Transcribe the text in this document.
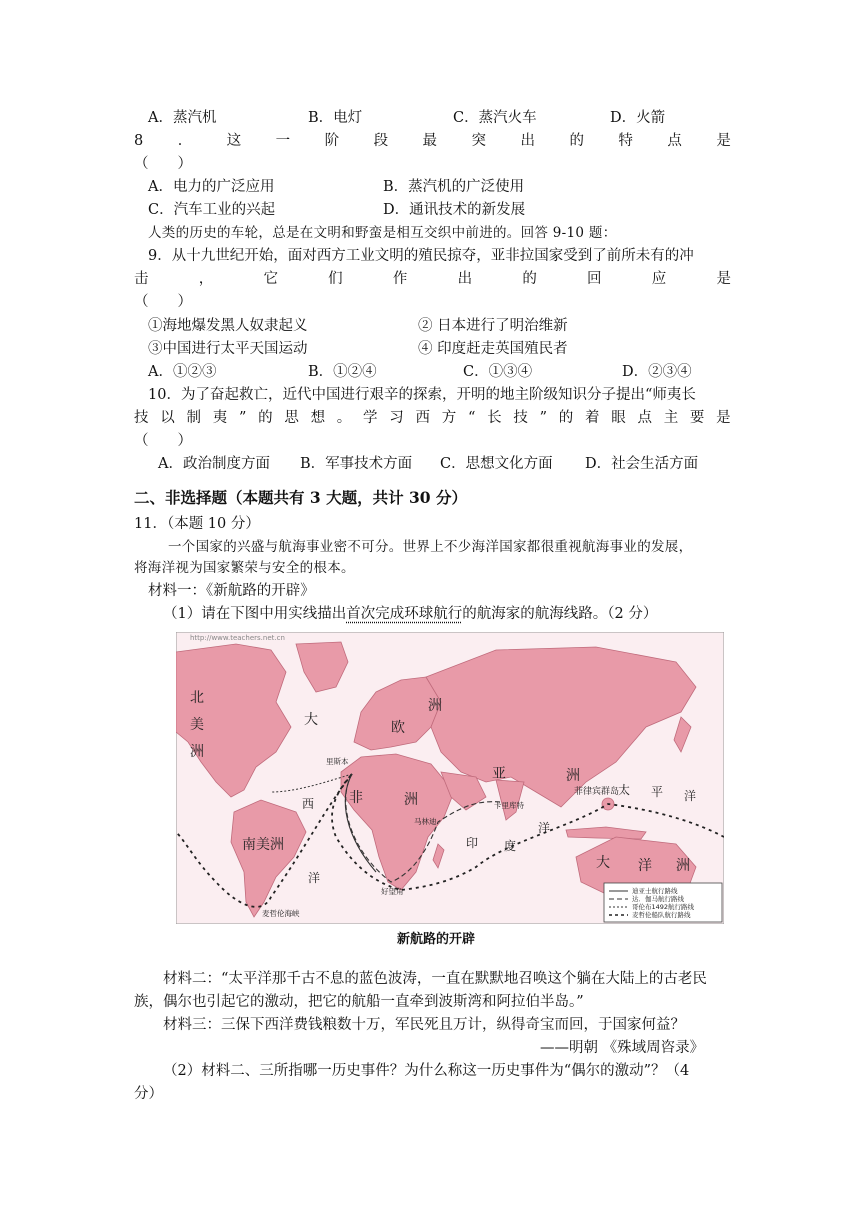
A．蒸汽机	B．电灯	C．蒸汽火车	D．火箭
8 ． 这 一 阶 段 最 突 出 的 特 点 是
（　　）
A．电力的广泛应用	B．蒸汽机的广泛使用
C．汽车工业的兴起	D．通讯技术的新发展
人类的历史的车轮，总是在文明和野蛮是相互交织中前进的。回答 9-10 题：
9．从十九世纪开始，面对西方工业文明的殖民掠夺，亚非拉国家受到了前所未有的冲
击	，	它	们	作	出	的	回	应	是
（　　）
①海地爆发黑人奴隶起义	② 日本进行了明治维新
③中国进行太平天国运动	④ 印度赶走英国殖民者
A．①②③	B．①②④	C．①③④	D．②③④
10．为了奋起救亡，近代中国进行艰辛的探索，开明的地主阶级知识分子提出“师夷长
技 以 制 夷 ” 的 思 想 。 学 习 西 方 “ 长 技 ” 的 着 眼 点 主 要 是
（　　）
A．政治制度方面 B．军事技术方面 C．思想文化方面 D．社会生活方面
二、非选择题（本题共有 3 大题，共计 30 分）
11．（本题 10 分）
一个国家的兴盛与航海事业密不可分。世界上不少海洋国家都很重视航海事业的发展，
将海洋视为国家繁荣与安全的根本。
材料一：《新航路的开辟》
（1）请在下图中用实线描出首次完成环球航行的航海家的航海线路。（2 分）
http://www.teachers.net.cn
北
美
洲
大	欧
洲
亚	洲
太 平 洋
非	洲
西
洋
印 度
洋
南美洲
大 洋 洲
里斯本
卡里库特
菲律宾群岛
马林迪
好望角
麦哲伦海峡
迪亚士航行路线
达．伽马航行路线
哥伦布1492航行路线
麦哲伦船队航行路线
新航路的开辟
材料二：“太平洋那千古不息的蓝色波涛，一直在默默地召唤这个躺在大陆上的古老民
族，偶尔也引起它的激动，把它的航船一直牵到波斯湾和阿拉伯半岛。”
材料三：三保下西洋费钱粮数十万，军民死且万计，纵得奇宝而回，于国家何益？
——明朝 《殊域周咨录》
（2）材料二、三所指哪一历史事件？为什么称这一历史事件为“偶尔的激动”？（4
分）
